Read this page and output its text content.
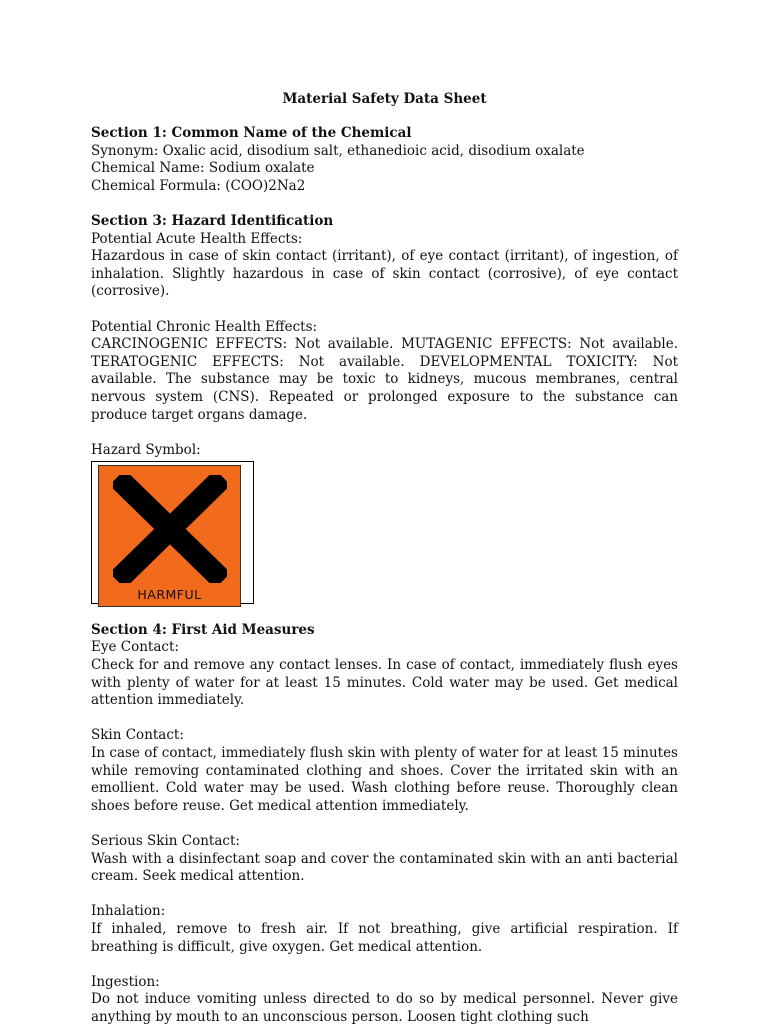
Material Safety Data Sheet

Section 1: Common Name of the Chemical

Synonym: Oxalic acid, disodium salt, ethanedioic acid, disodium oxalate

Chemical Name: Sodium oxalate

Chemical Formula: (COO)2Na2

Section 3: Hazard Identification

Potential Acute Health Effects:

Hazardous in case of skin contact (irritant), of eye contact (irritant), of ingestion, of inhalation. Slightly hazardous in case of skin contact (corrosive), of eye contact (corrosive).

Potential Chronic Health Effects:

CARCINOGENIC EFFECTS: Not available. MUTAGENIC EFFECTS: Not available. TERATOGENIC EFFECTS: Not available. DEVELOPMENTAL TOXICITY: Not available. The substance may be toxic to kidneys, mucous membranes, central nervous system (CNS). Repeated or prolonged exposure to the substance can produce target organs damage.

Hazard Symbol:

HARMFUL

Section 4: First Aid Measures

Eye Contact:

Check for and remove any contact lenses. In case of contact, immediately flush eyes with plenty of water for at least 15 minutes. Cold water may be used. Get medical attention immediately.

Skin Contact:

In case of contact, immediately flush skin with plenty of water for at least 15 minutes while removing contaminated clothing and shoes. Cover the irritated skin with an emollient. Cold water may be used. Wash clothing before reuse. Thoroughly clean shoes before reuse. Get medical attention immediately.

Serious Skin Contact:

Wash with a disinfectant soap and cover the contaminated skin with an anti bacterial cream. Seek medical attention.

Inhalation:

If inhaled, remove to fresh air. If not breathing, give artificial respiration. If breathing is difficult, give oxygen. Get medical attention.

Ingestion:

Do not induce vomiting unless directed to do so by medical personnel. Never give anything by mouth to an unconscious person. Loosen tight clothing such
